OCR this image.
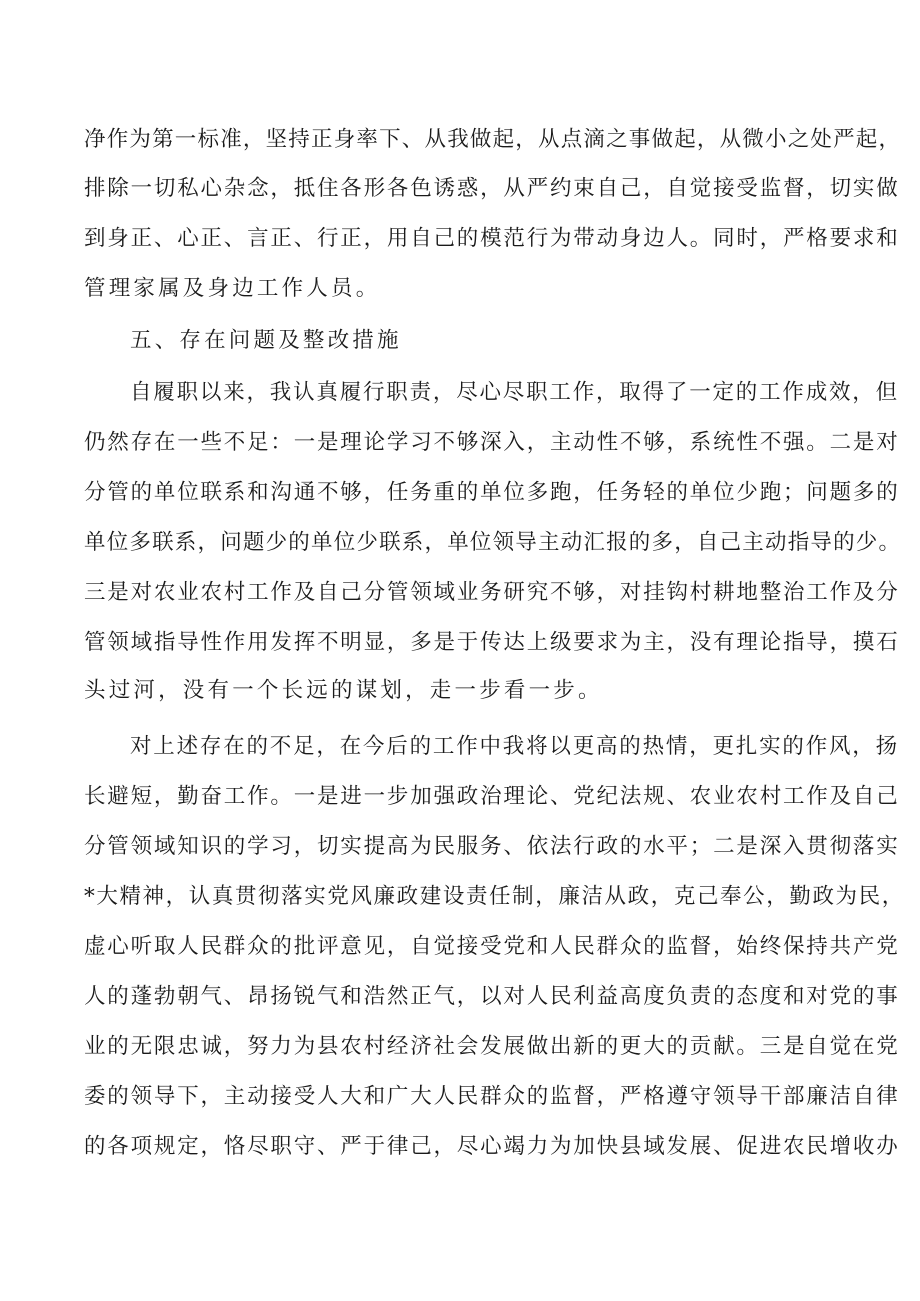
净作为第一标准，坚持正身率下、从我做起，从点滴之事做起，从微小之处严起，
排除一切私心杂念，抵住各形各色诱惑，从严约束自己，自觉接受监督，切实做
到身正、心正、言正、行正，用自己的模范行为带动身边人。同时，严格要求和
管理家属及身边工作人员。
五、存在问题及整改措施
自履职以来，我认真履行职责，尽心尽职工作，取得了一定的工作成效，但
仍然存在一些不足：一是理论学习不够深入，主动性不够，系统性不强。二是对
分管的单位联系和沟通不够，任务重的单位多跑，任务轻的单位少跑；问题多的
单位多联系，问题少的单位少联系，单位领导主动汇报的多，自己主动指导的少。
三是对农业农村工作及自己分管领域业务研究不够，对挂钩村耕地整治工作及分
管领域指导性作用发挥不明显，多是于传达上级要求为主，没有理论指导，摸石
头过河，没有一个长远的谋划，走一步看一步。
对上述存在的不足，在今后的工作中我将以更高的热情，更扎实的作风，扬
长避短，勤奋工作。一是进一步加强政治理论、党纪法规、农业农村工作及自己
分管领域知识的学习，切实提高为民服务、依法行政的水平；二是深入贯彻落实
*大精神，认真贯彻落实党风廉政建设责任制，廉洁从政，克己奉公，勤政为民，
虚心听取人民群众的批评意见，自觉接受党和人民群众的监督，始终保持共产党
人的蓬勃朝气、昂扬锐气和浩然正气，以对人民利益高度负责的态度和对党的事
业的无限忠诚，努力为县农村经济社会发展做出新的更大的贡献。三是自觉在党
委的领导下，主动接受人大和广大人民群众的监督，严格遵守领导干部廉洁自律
的各项规定，恪尽职守、严于律己，尽心竭力为加快县域发展、促进农民增收办
